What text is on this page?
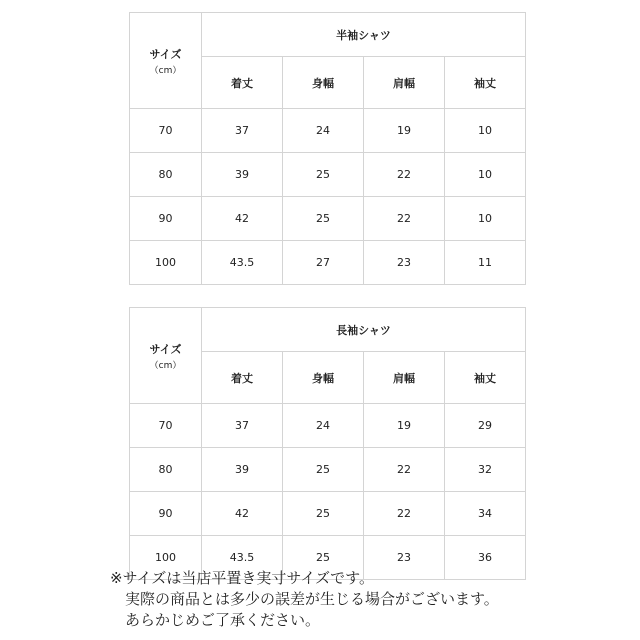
サイズ
（cm）	半袖シャツ			
	着丈	身幅	肩幅	袖丈
70	37	24	19	10
80	39	25	22	10
90	42	25	22	10
100	43.5	27	23	11
サイズ
（cm）	長袖シャツ			
	着丈	身幅	肩幅	袖丈
70	37	24	19	29
80	39	25	22	32
90	42	25	22	34
100	43.5	25	23	36

※サイズは当店平置き実寸サイズです。
　実際の商品とは多少の誤差が生じる場合がございます。
　あらかじめご了承ください。
